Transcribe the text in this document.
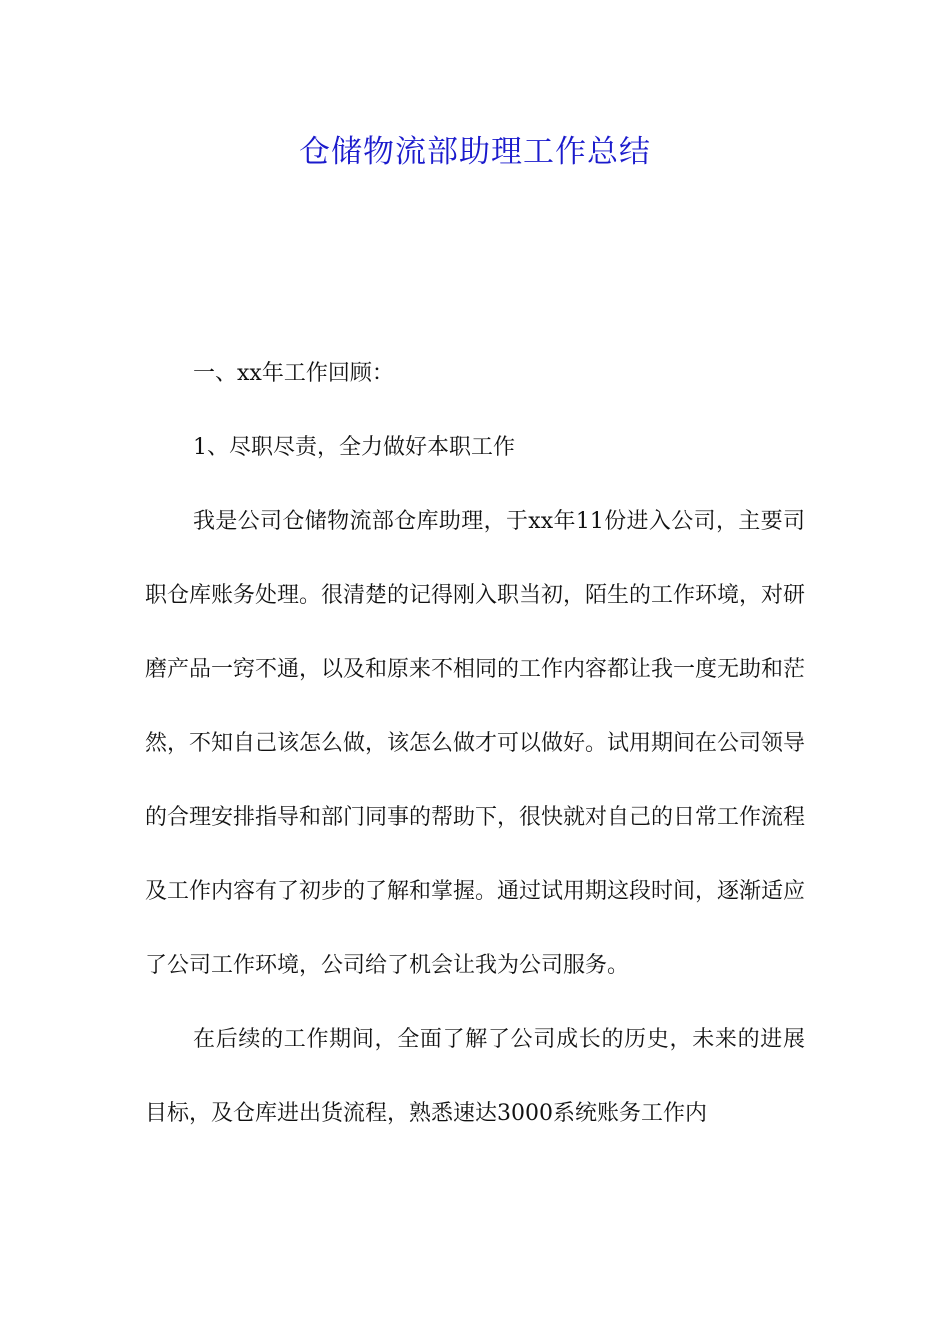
仓储物流部助理工作总结

一、xx年工作回顾：

1、尽职尽责，全力做好本职工作

我是公司仓储物流部仓库助理，于xx年11份进入公司，主要司职仓库账务处理。很清楚的记得刚入职当初，陌生的工作环境，对研磨产品一窍不通，以及和原来不相同的工作内容都让我一度无助和茫然，不知自己该怎么做，该怎么做才可以做好。试用期间在公司领导的合理安排指导和部门同事的帮助下，很快就对自己的日常工作流程及工作内容有了初步的了解和掌握。通过试用期这段时间，逐渐适应了公司工作环境，公司给了机会让我为公司服务。

在后续的工作期间，全面了解了公司成长的历史，未来的进展目标，及仓库进出货流程，熟悉速达3000系统账务工作内
